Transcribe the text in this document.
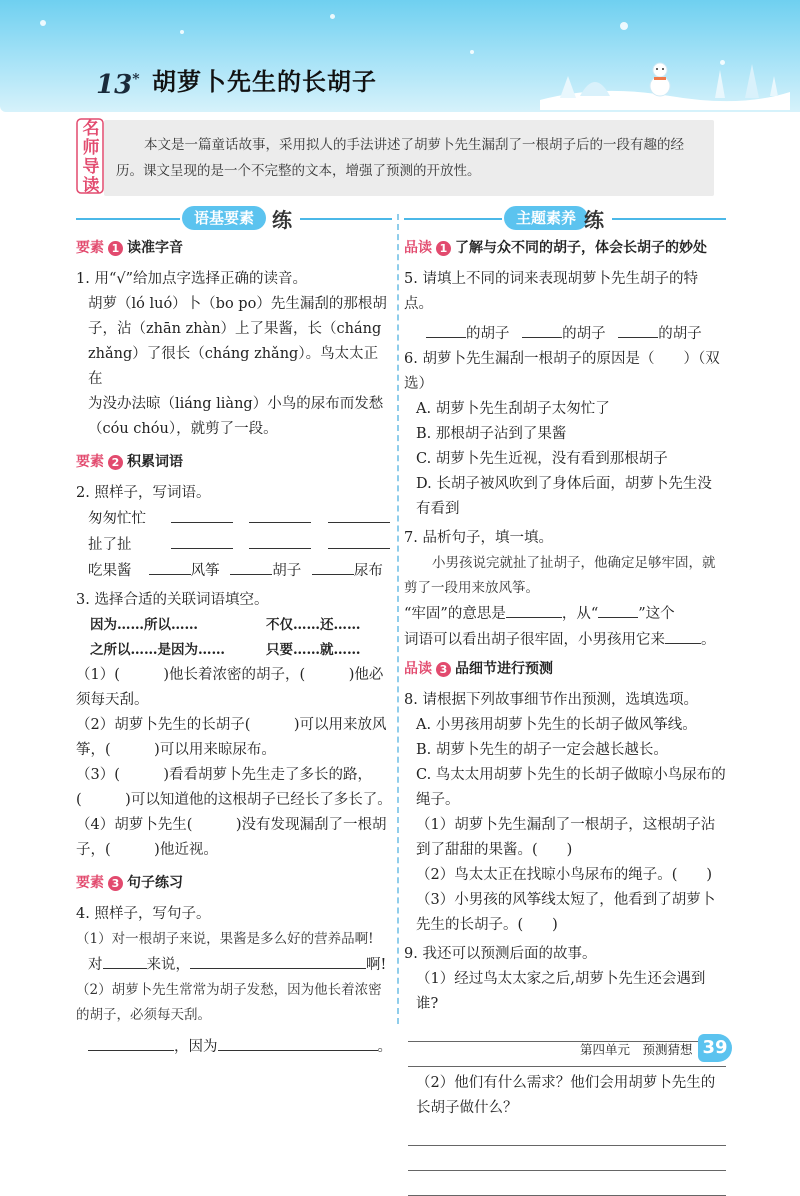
13* 胡萝卜先生的长胡子
名师导读
本文是一篇童话故事，采用拟人的手法讲述了胡萝卜先生漏刮了一根胡子后的一段有趣的经历。课文呈现的是一个不完整的文本，增强了预测的开放性。
语基要素 练	主题素养 练
要素 1 读准字音

1. 用“√”给加点字选择正确的读音。

胡萝（ló luó）卜（bo po）先生漏刮的那根胡

子，沾（zhān zhàn）上了果酱，长（cháng

zhǎng）了很长（cháng zhǎng）。鸟太太正在

为没办法晾（liáng liàng）小鸟的尿布而发愁

（cóu chóu），就剪了一段。

要素 2 积累词语

2. 照样子，写词语。

匆匆忙忙

扯了扯

吃果酱	风筝	胡子	尿布

3. 选择合适的关联词语填空。

因为……所以……	不仅……还……
之所以……是因为……	只要……就……

（1）(　　　)他长着浓密的胡子，(　　　)他必须每天刮。

（2）胡萝卜先生的长胡子(　　　)可以用来放风筝，(　　　)可以用来晾尿布。

（3）(　　　)看看胡萝卜先生走了多长的路，(　　　)可以知道他的这根胡子已经长了多长了。

（4）胡萝卜先生(　　　)没有发现漏刮了一根胡子，(　　　)他近视。

要素 3 句子练习

4. 照样子，写句子。

（1）对一根胡子来说，果酱是多么好的营养品啊!

对	来说，	啊!

（2）胡萝卜先生常常为胡子发愁，因为他长着浓密的胡子，必须每天刮。

，因为	。

品读 1 了解与众不同的胡子，体会长胡子的妙处

5. 请填上不同的词来表现胡萝卜先生胡子的特点。

的胡子	的胡子	的胡子

6. 胡萝卜先生漏刮一根胡子的原因是（　　）（双选）

A. 胡萝卜先生刮胡子太匆忙了

B. 那根胡子沾到了果酱

C. 胡萝卜先生近视，没有看到那根胡子

D. 长胡子被风吹到了身体后面，胡萝卜先生没有看到

7. 品析句子，填一填。

小男孩说完就扯了扯胡子，他确定足够牢固，就剪了一段用来放风筝。

“牢固”的意思是	，从“	”这个

词语可以看出胡子很牢固，小男孩用它来 。

品读 3 品细节进行预测

8. 请根据下列故事细节作出预测，选填选项。

A. 小男孩用胡萝卜先生的长胡子做风筝线。

B. 胡萝卜先生的胡子一定会越长越长。

C. 鸟太太用胡萝卜先生的长胡子做晾小鸟尿布的绳子。

（1）胡萝卜先生漏刮了一根胡子，这根胡子沾到了甜甜的果酱。(　　)

（2）鸟太太正在找晾小鸟尿布的绳子。(　　)

（3）小男孩的风筝线太短了，他看到了胡萝卜先生的长胡子。(　　)

9. 我还可以预测后面的故事。

（1）经过鸟太太家之后,胡萝卜先生还会遇到谁?

（2）他们有什么需求？他们会用胡萝卜先生的长胡子做什么？

第四单元　预测猜想 39
